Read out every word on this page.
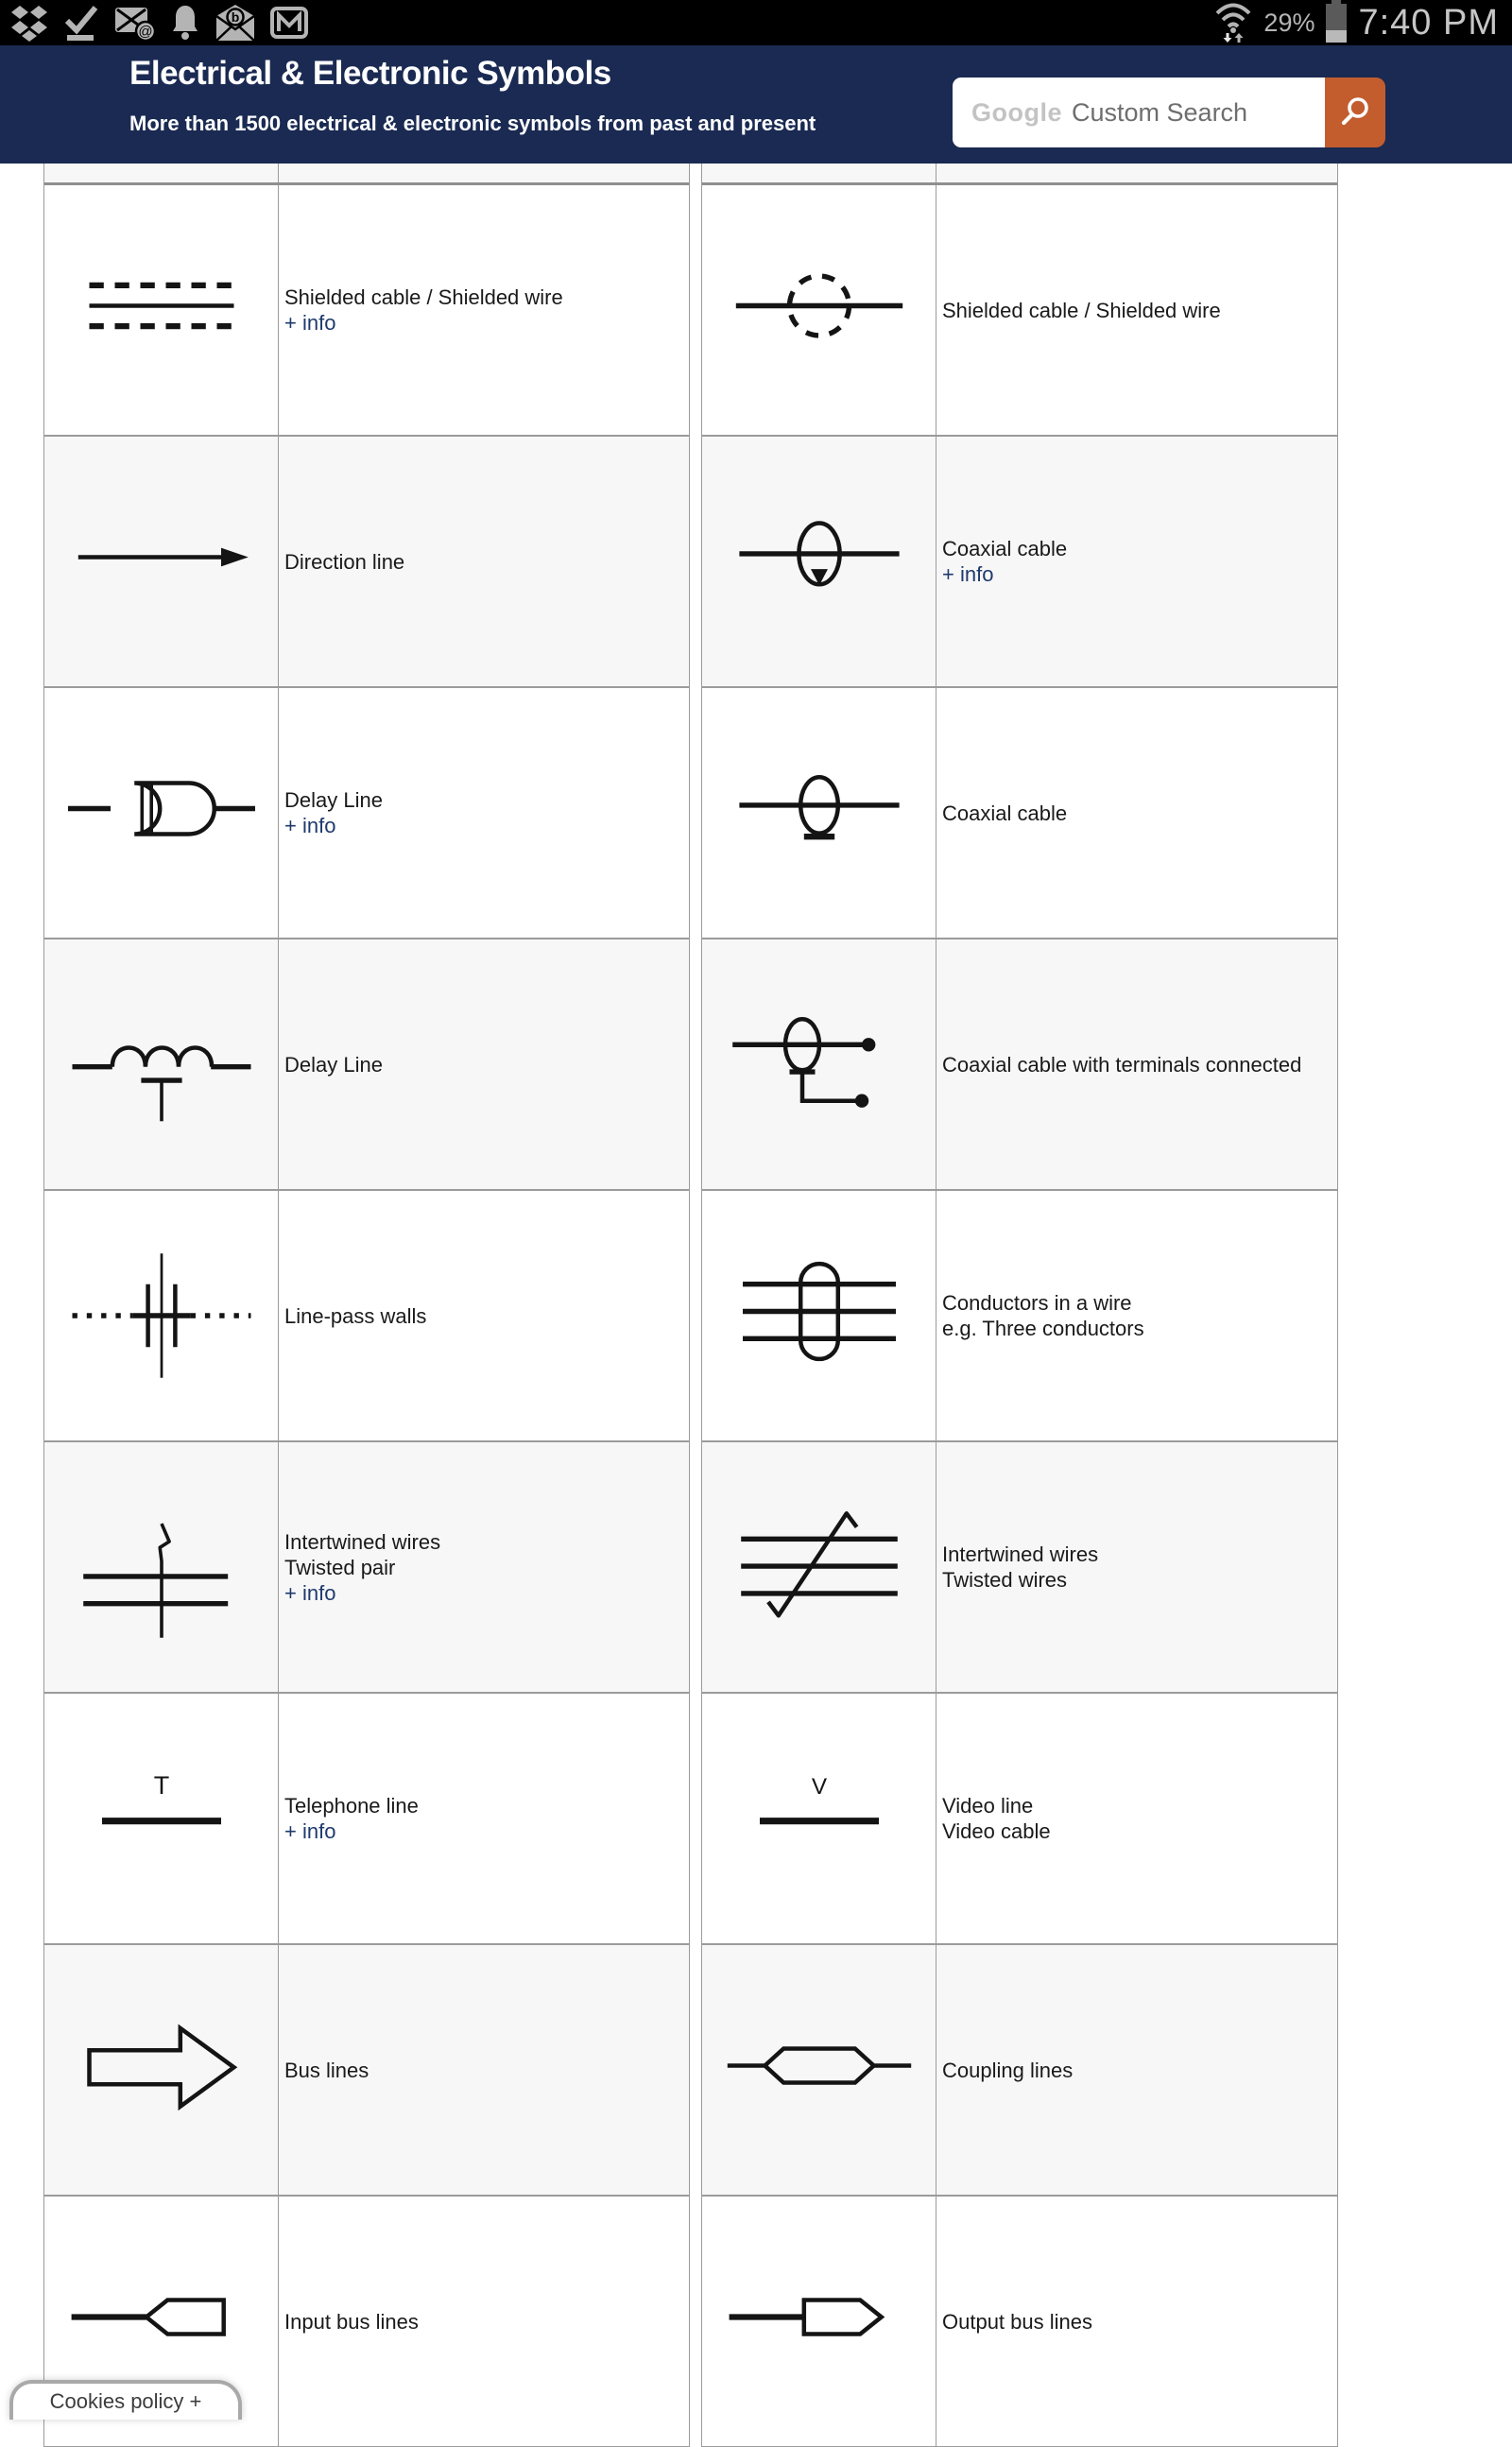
@
b	29% 7:40 PM
Electrical & Electronic Symbols
More than 1500 electrical & electronic symbols from past and present	Google Custom Search
Shielded cable / Shielded wire
+ info
Direction line
Delay Line
+ info
Delay Line
Line-pass walls
Intertwined wires
Twisted pair
+ info
T
Telephone line
+ info
Bus lines
Input bus lines
Shielded cable / Shielded wire
Coaxial cable
+ info
Coaxial cable
Coaxial cable with terminals connected
Conductors in a wire
e.g. Three conductors
Intertwined wires
Twisted wires
V
Video line
Video cable
Coupling lines
Output bus lines
Cookies policy +
